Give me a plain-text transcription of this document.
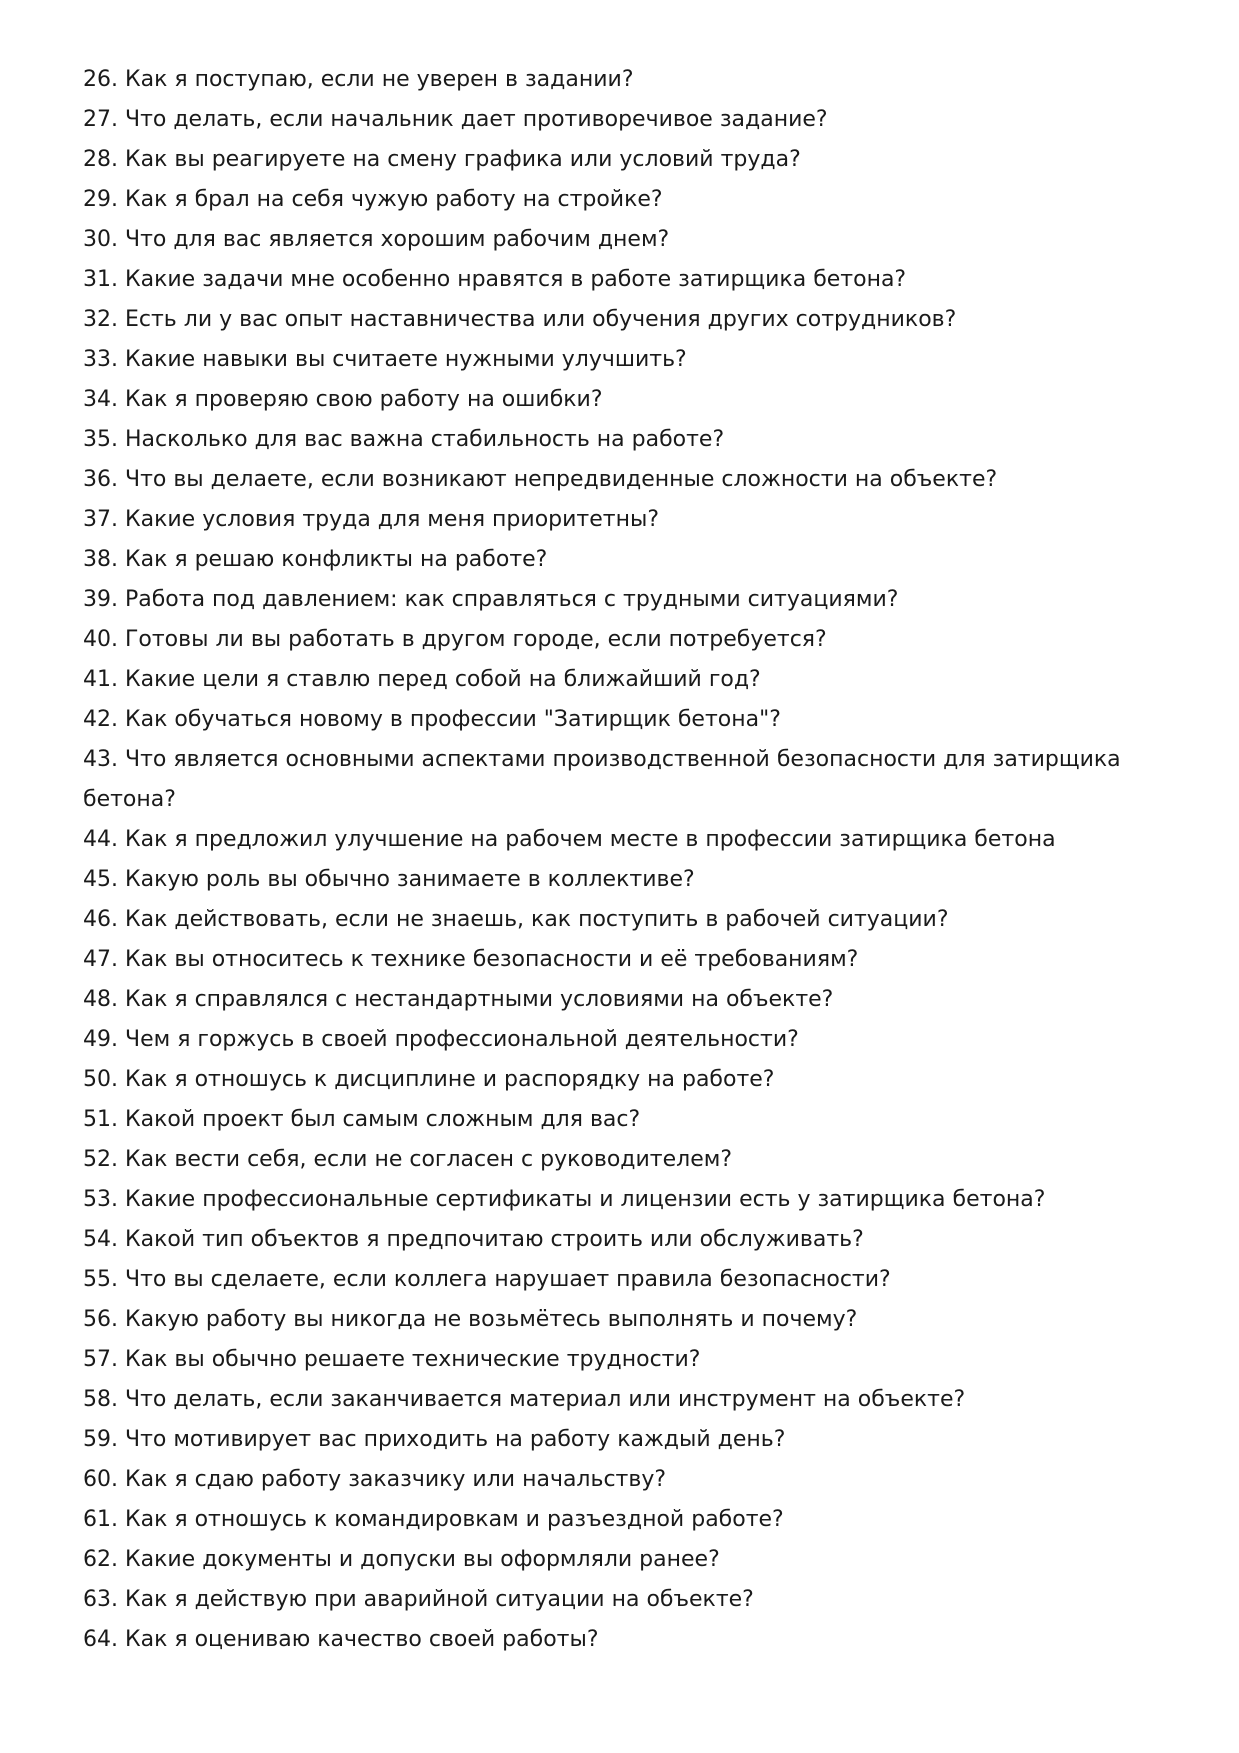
26. Как я поступаю, если не уверен в задании?
27. Что делать, если начальник дает противоречивое задание?
28. Как вы реагируете на смену графика или условий труда?
29. Как я брал на себя чужую работу на стройке?
30. Что для вас является хорошим рабочим днем?
31. Какие задачи мне особенно нравятся в работе затирщика бетона?
32. Есть ли у вас опыт наставничества или обучения других сотрудников?
33. Какие навыки вы считаете нужными улучшить?
34. Как я проверяю свою работу на ошибки?
35. Насколько для вас важна стабильность на работе?
36. Что вы делаете, если возникают непредвиденные сложности на объекте?
37. Какие условия труда для меня приоритетны?
38. Как я решаю конфликты на работе?
39. Работа под давлением: как справляться с трудными ситуациями?
40. Готовы ли вы работать в другом городе, если потребуется?
41. Какие цели я ставлю перед собой на ближайший год?
42. Как обучаться новому в профессии "Затирщик бетона"?
43. Что является основными аспектами производственной безопасности для затирщика бетона?
44. Как я предложил улучшение на рабочем месте в профессии затирщика бетона
45. Какую роль вы обычно занимаете в коллективе?
46. Как действовать, если не знаешь, как поступить в рабочей ситуации?
47. Как вы относитесь к технике безопасности и её требованиям?
48. Как я справлялся с нестандартными условиями на объекте?
49. Чем я горжусь в своей профессиональной деятельности?
50. Как я отношусь к дисциплине и распорядку на работе?
51. Какой проект был самым сложным для вас?
52. Как вести себя, если не согласен с руководителем?
53. Какие профессиональные сертификаты и лицензии есть у затирщика бетона?
54. Какой тип объектов я предпочитаю строить или обслуживать?
55. Что вы сделаете, если коллега нарушает правила безопасности?
56. Какую работу вы никогда не возьмётесь выполнять и почему?
57. Как вы обычно решаете технические трудности?
58. Что делать, если заканчивается материал или инструмент на объекте?
59. Что мотивирует вас приходить на работу каждый день?
60. Как я сдаю работу заказчику или начальству?
61. Как я отношусь к командировкам и разъездной работе?
62. Какие документы и допуски вы оформляли ранее?
63. Как я действую при аварийной ситуации на объекте?
64. Как я оцениваю качество своей работы?
